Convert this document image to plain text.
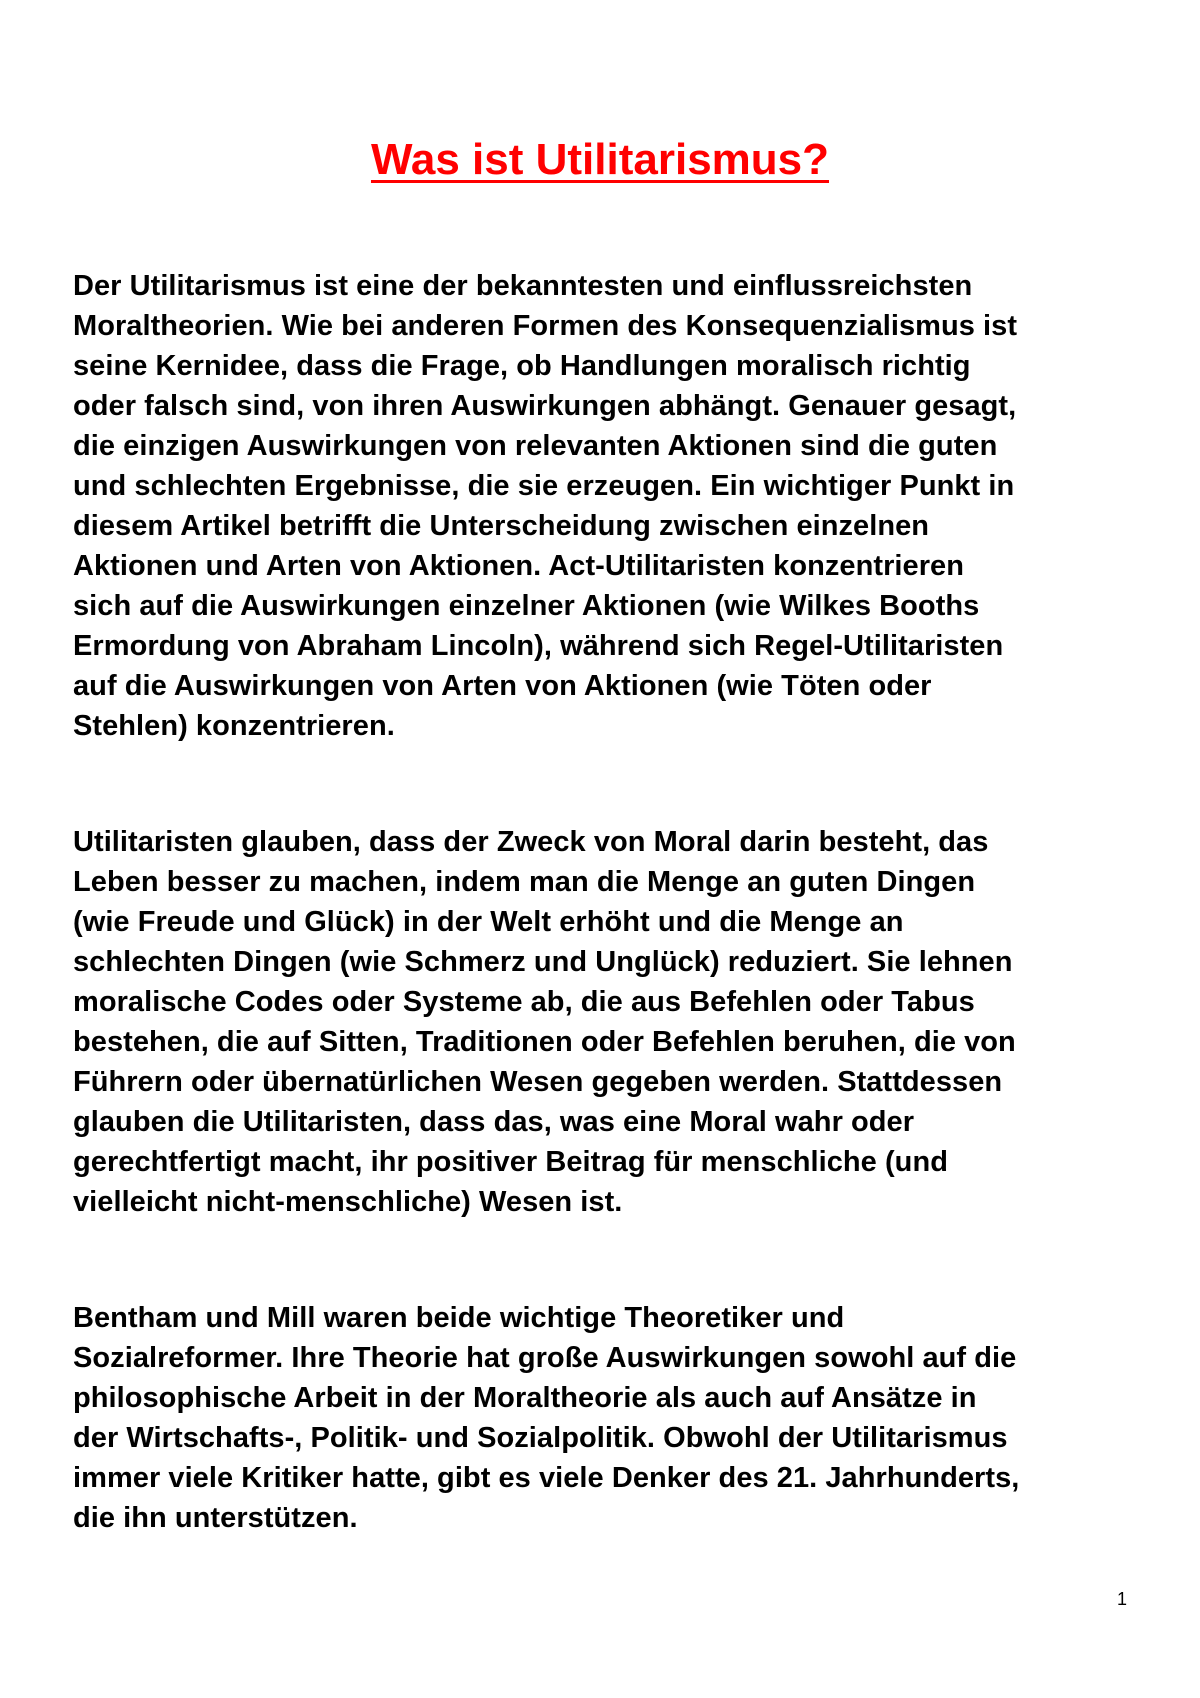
Was ist Utilitarismus?

Der Utilitarismus ist eine der bekanntesten und einflussreichsten
Moraltheorien. Wie bei anderen Formen des Konsequenzialismus ist
seine Kernidee, dass die Frage, ob Handlungen moralisch richtig
oder falsch sind, von ihren Auswirkungen abhängt. Genauer gesagt,
die einzigen Auswirkungen von relevanten Aktionen sind die guten
und schlechten Ergebnisse, die sie erzeugen. Ein wichtiger Punkt in
diesem Artikel betrifft die Unterscheidung zwischen einzelnen
Aktionen und Arten von Aktionen. Act-Utilitaristen konzentrieren
sich auf die Auswirkungen einzelner Aktionen (wie Wilkes Booths
Ermordung von Abraham Lincoln), während sich Regel-Utilitaristen
auf die Auswirkungen von Arten von Aktionen (wie Töten oder
Stehlen) konzentrieren.

Utilitaristen glauben, dass der Zweck von Moral darin besteht, das
Leben besser zu machen, indem man die Menge an guten Dingen
(wie Freude und Glück) in der Welt erhöht und die Menge an
schlechten Dingen (wie Schmerz und Unglück) reduziert. Sie lehnen
moralische Codes oder Systeme ab, die aus Befehlen oder Tabus
bestehen, die auf Sitten, Traditionen oder Befehlen beruhen, die von
Führern oder übernatürlichen Wesen gegeben werden. Stattdessen
glauben die Utilitaristen, dass das, was eine Moral wahr oder
gerechtfertigt macht, ihr positiver Beitrag für menschliche (und
vielleicht nicht-menschliche) Wesen ist.

Bentham und Mill waren beide wichtige Theoretiker und
Sozialreformer. Ihre Theorie hat große Auswirkungen sowohl auf die
philosophische Arbeit in der Moraltheorie als auch auf Ansätze in
der Wirtschafts-, Politik- und Sozialpolitik. Obwohl der Utilitarismus
immer viele Kritiker hatte, gibt es viele Denker des 21. Jahrhunderts,
die ihn unterstützen.

1
